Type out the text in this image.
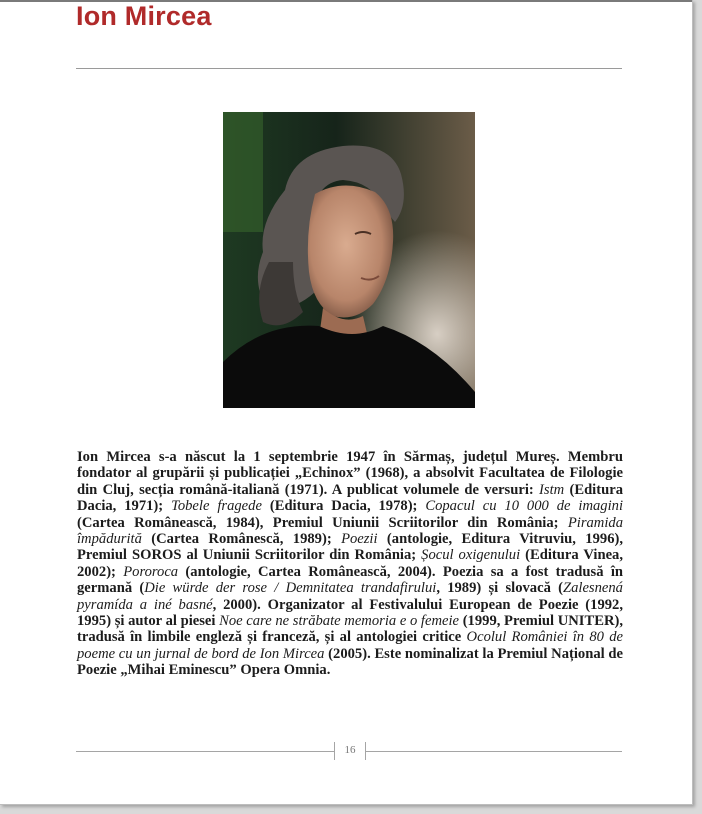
Ion Mircea

Ion Mircea s-a născut la 1 septembrie 1947 în Sărmaș, județul Mureș. Membru fondator al grupării și publicației „Echinox” (1968), a absolvit Facultatea de Filologie din Cluj, secția română-italiană (1971). A publicat volumele de versuri: Istm (Editura Dacia, 1971); Tobele fragede (Editura Dacia, 1978); Copacul cu 10 000 de imagini (Cartea Românească, 1984), Premiul Uniunii Scriitorilor din România; Piramida împădurită (Cartea Românescă, 1989); Poezii (antologie, Editura Vitruviu, 1996), Premiul SOROS al Uniunii Scriitorilor din România; Șocul oxigenului (Editura Vinea, 2002); Pororoca (antologie, Cartea Românească, 2004). Poezia sa a fost tradusă în germană (Die würde der rose / Demnitatea trandafirului, 1989) și slovacă (Zalesnená pyramída a iné basné, 2000). Organizator al Festivalului European de Poezie (1992, 1995) și autor al piesei Noe care ne străbate memoria e o femeie (1999, Premiul UNITER), tradusă în limbile engleză și franceză, și al antologiei critice Ocolul României în 80 de poeme cu un jurnal de bord de Ion Mircea (2005). Este nominalizat la Premiul Național de Poezie „Mihai Eminescu” Opera Omnia.

16
